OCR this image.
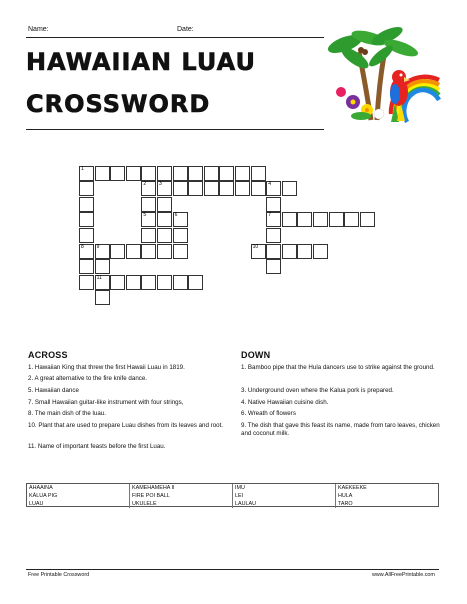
Name:	Date:
HAWAIIAN LUAU
CROSSWORD
1
2	3	4
5	6	7
8	9	10
11
ACROSS
1. Hawaiian King that threw the first Hawaii Luau in 1819.
2. A great alternative to the fire knife dance.
5. Hawaiian dance
7. Small Hawaiian guitar-like instrument with four strings,
8. The main dish of the luau.
10. Plant that are used to prepare Luau dishes from its leaves and root.
11. Name of important feasts before the first Luau.
DOWN
1. Bamboo pipe that the Hula dancers use to strike against the ground.
3. Underground oven where the Kalua pork is prepared.
4. Native Hawaiian cuisine dish.
6. Wreath of flowers
9. The dish that gave this feast its name, made from taro leaves, chicken and coconut milk.
AHAAINA	KAMEHAMEHA II	IMU	KAEKEEKE
KĀLUA PIG	FIRE POI BALL	LEI	HULA
LUAU	UKULELE	LAULAU	TARO
Free Printable Crossword	www.AllFreePrintable.com
